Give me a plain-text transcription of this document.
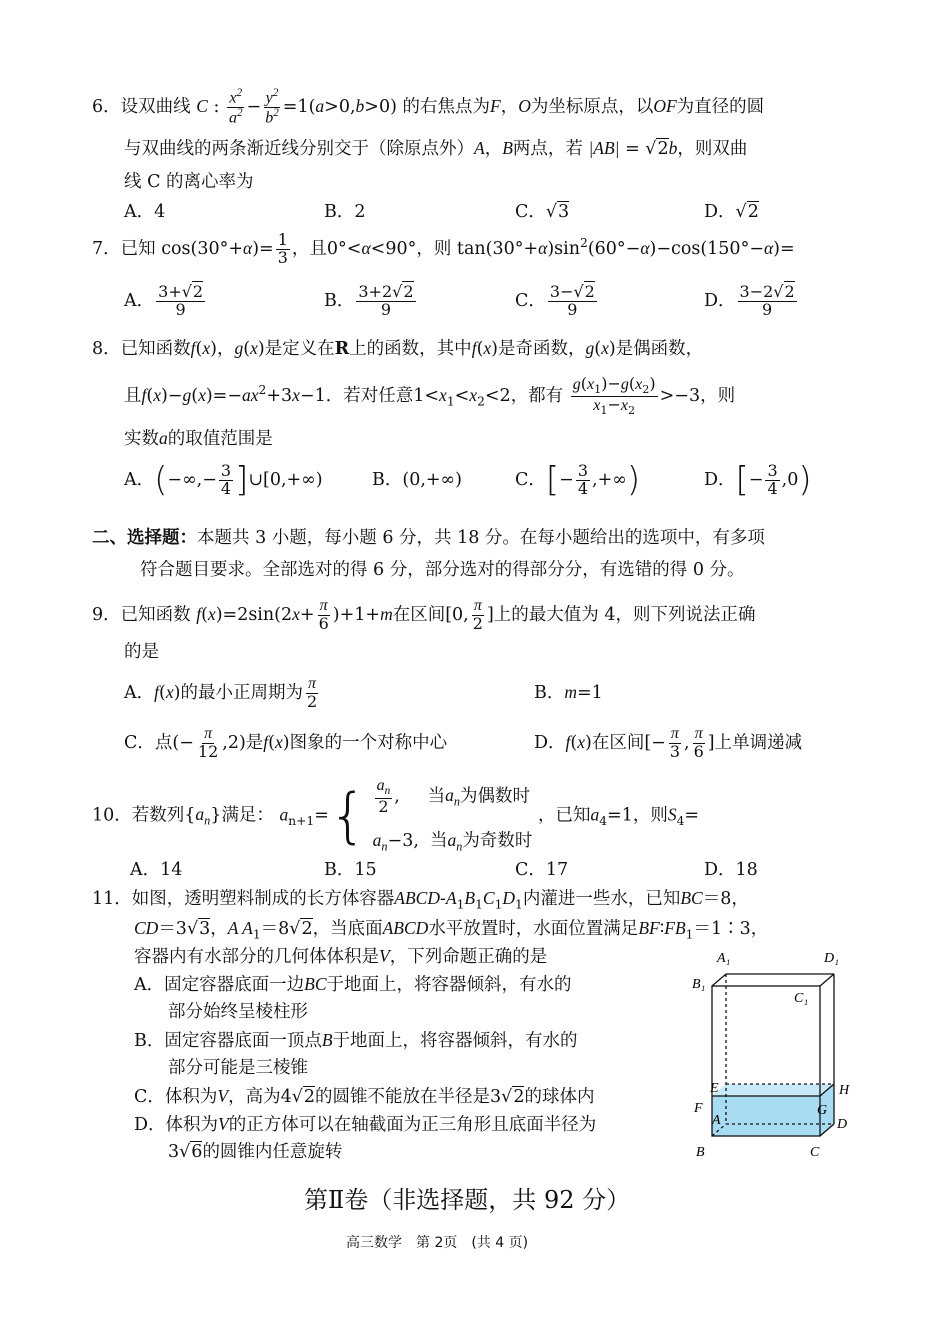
6．设双曲线 C : $\frac{x^2}{a^2} - \frac{y^2}{b^2} =1(a>0,b>0)$ 的右焦点为F，O为坐标原点，以OF为直径的圆
与双曲线的两条渐近线分别交于（除原点外）A，B两点，若 |AB| = √2b，则双曲
线 C 的离心率为
A．4	B．2	C．√3	D．√2
7．已知 $\cos(30^\circ+\alpha)= \frac{1}{3}$ ，且0°<α<90°，则 $\tan(30^\circ+\alpha)\sin^2(60^\circ-\alpha)-\cos(150^\circ-\alpha)=$
A． $\frac{3+√2}{9}$	B． $\frac{3+2√2}{9}$	C． $\frac{3-√2}{9}$	D． $\frac{3-2√2}{9}$
8．已知函数f(x)，g(x)是定义在R上的函数，其中f(x)是奇函数，g(x)是偶函数，
且$f(x)-g(x)=-ax^2+3x-1$．若对任意$1<x_1<x_2<2$，都有 $\frac{g(x_1)-g(x_2)}{x_1-x_2} >-3$，则
实数a的取值范围是
A．(−∞,− $\frac{3}{4}$ ]∪[0,+∞)	B．(0,+∞)	C．[− $\frac{3}{4}$ ,+∞)	D．[− $\frac{3}{4} ,0$)
二、选择题：本题共 3 小题，每小题 6 分，共 18 分。在每小题给出的选项中，有多项
符合题目要求。全部选对的得 6 分，部分选对的得部分分，有选错的得 0 分。
9．已知函数 $f(x)=2\sin(2x+ \frac{\pi}{6} )+1+m$在区间[0, $\frac{\pi}{2}$ ]上的最大值为 4，则下列说法正确
的是
A．f(x)的最小正周期为 $\frac{\pi}{2}$	B．m=1
C．点(− $\frac{\pi}{12} ,2$)是f(x)图象的一个对称中心	D．f(x)在区间[− $\frac{\pi}{3}$ , $\frac{\pi}{6}$ ]上单调递减
10．若数列$\{a_n\}$满足： $a_{n+1}=\{ \frac{a_n}{2}$ ,     当$a_n$为偶数时
$a_n-3$,  当$a_n$为奇数时
，已知$a_4=1$，则$S_4=$
A．14	B．15	C．17	D．18
11．如图，透明塑料制成的长方体容器ABCD-$A_1B_1C_1D_1$内灌进一些水，已知BC＝8，
CD＝3√3，A $A_1=8√2$，当底面ABCD水平放置时，水面位置满足$BF∶FB_1=1∶3$，
容器内有水部分的几何体体积是V，下列命题正确的是
A．固定容器底面一边BC于地面上，将容器倾斜，有水的
部分始终呈棱柱形
B．固定容器底面一顶点B于地面上，将容器倾斜，有水的
部分可能是三棱锥
C．体积为V，高为4√2的圆锥不能放在半径是3√2的球体内
D．体积为V的正方体可以在轴截面为正三角形且底面半径为
3√6的圆锥内任意旋转
A₁	D₁
B₁
C₁
E	H
F	G
A	D
B	C
第Ⅱ卷（非选择题，共 92 分）
高三数学　第 2页　(共 4 页)
